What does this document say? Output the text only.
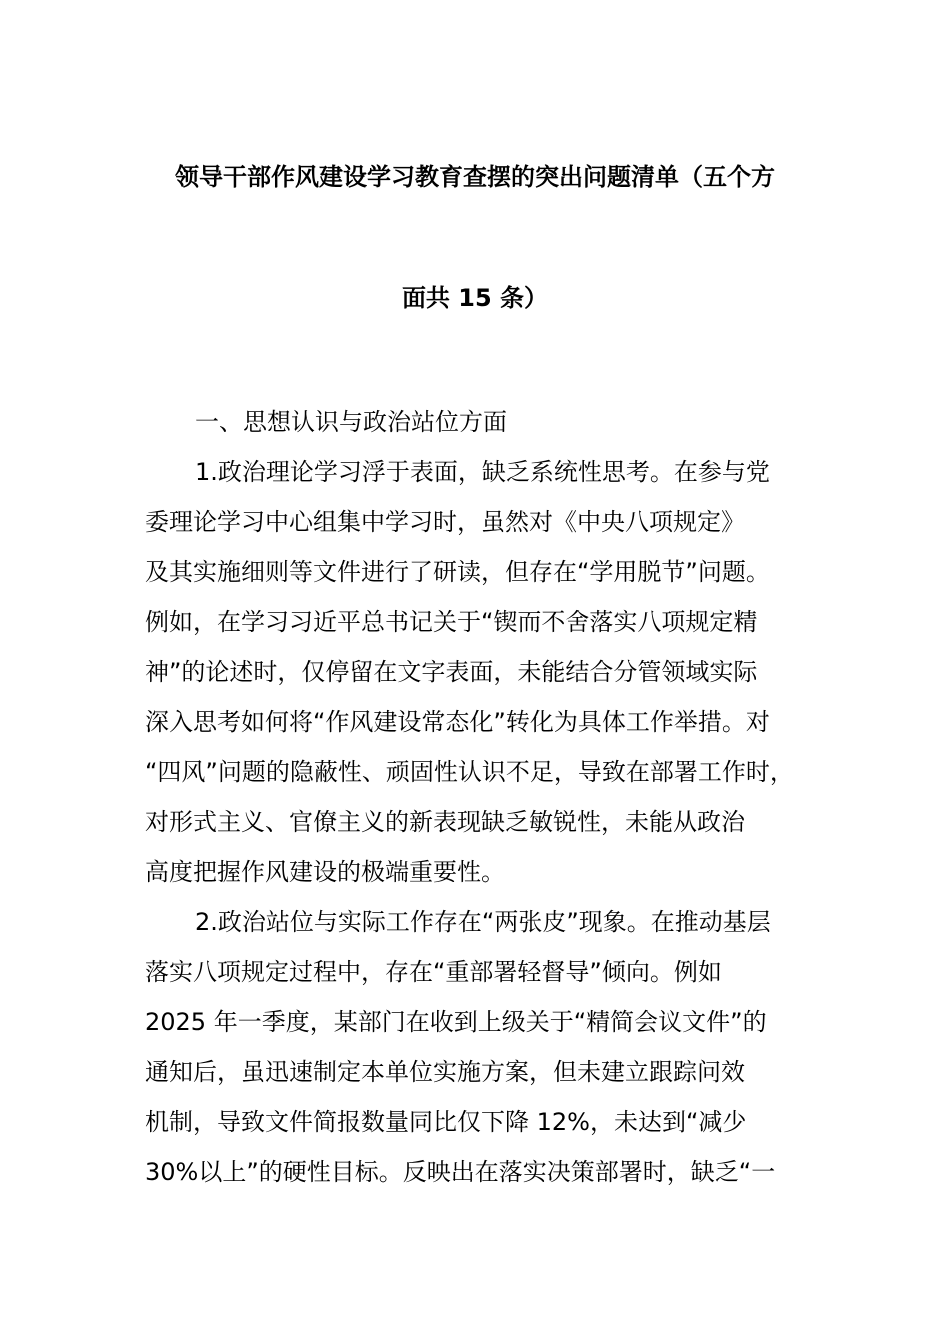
领导干部作风建设学习教育查摆的突出问题清单（五个方
面共 15 条）
一、思想认识与政治站位方面
1.政治理论学习浮于表面，缺乏系统性思考。在参与党
委理论学习中心组集中学习时，虽然对《中央八项规定》
及其实施细则等文件进行了研读，但存在“学用脱节”问题。
例如，在学习习近平总书记关于“锲而不舍落实八项规定精
神”的论述时，仅停留在文字表面，未能结合分管领域实际
深入思考如何将“作风建设常态化”转化为具体工作举措。对
“四风”问题的隐蔽性、顽固性认识不足，导致在部署工作时，
对形式主义、官僚主义的新表现缺乏敏锐性，未能从政治
高度把握作风建设的极端重要性。
2.政治站位与实际工作存在“两张皮”现象。在推动基层
落实八项规定过程中，存在“重部署轻督导”倾向。例如
2025 年一季度，某部门在收到上级关于“精简会议文件”的
通知后，虽迅速制定本单位实施方案，但未建立跟踪问效
机制，导致文件简报数量同比仅下降 12%，未达到“减少
30%以上”的硬性目标。反映出在落实决策部署时，缺乏“一
